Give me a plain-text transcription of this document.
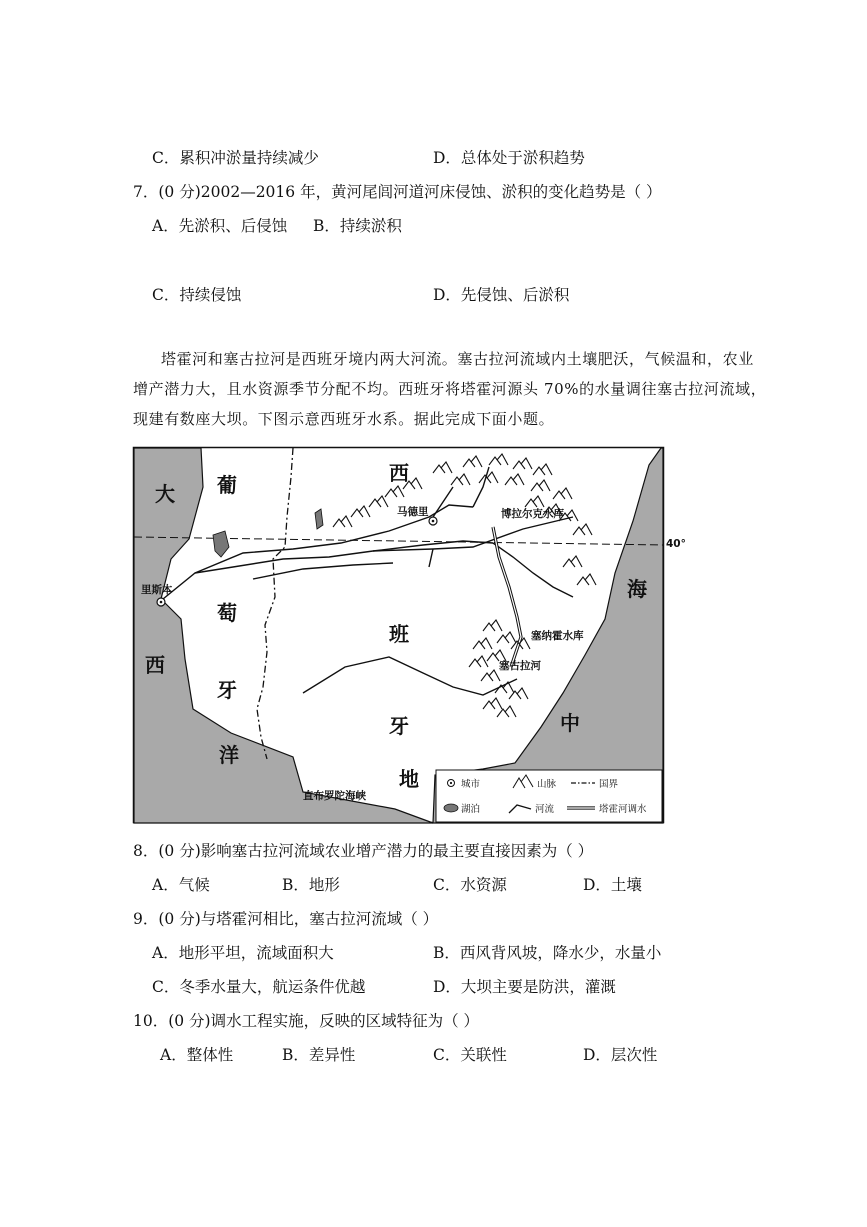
C．累积冲淤量持续减少	D．总体处于淤积趋势
7．(0 分)2002—2016 年，黄河尾闾河道河床侵蚀、淤积的变化趋势是（ ）
A．先淤积、后侵蚀 B．持续淤积
C．持续侵蚀	D．先侵蚀、后淤积
塔霍河和塞古拉河是西班牙境内两大河流。塞古拉河流域内土壤肥沃，气候温和，农业
增产潜力大，且水资源季节分配不均。西班牙将塔霍河源头 70%的水量调往塞古拉河流域，
现建有数座大坝。下图示意西班牙水系。据此完成下面小题。
40°
大
西
洋
葡
萄
牙
西
班
牙
海
中
地
马德里
里斯本
博拉尔克水库
塞纳霍水库
塞古拉河
直布罗陀海峡
城市	山脉	国界
湖泊	河流	塔霍河调水
8．(0 分)影响塞古拉河流域农业增产潜力的最主要直接因素为（ ）
A．气候	B．地形	C．水资源	D．土壤
9．(0 分)与塔霍河相比，塞古拉河流域（ ）
A．地形平坦，流域面积大	B．西风背风坡，降水少，水量小
C．冬季水量大，航运条件优越	D．大坝主要是防洪，灌溉
10．(0 分)调水工程实施，反映的区域特征为（ ）
A．整体性	B．差异性	C．关联性	D．层次性
